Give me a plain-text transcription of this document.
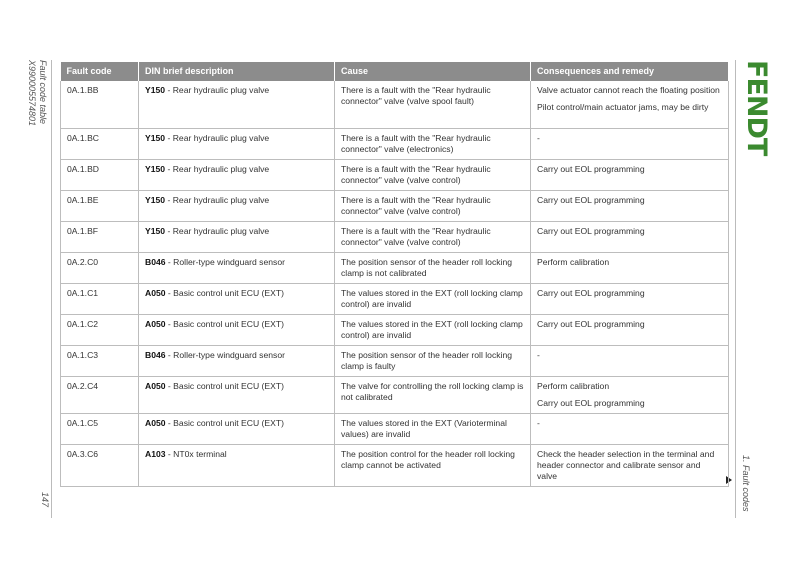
Fault code table
X990005574801
147
FENDT
1. Fault codes
Fault code	DIN brief description	Cause	Consequences and remedy
0A.1.BB	Y150 - Rear hydraulic plug valve	There is a fault with the "Rear hydraulic connector" valve (valve spool fault)	Valve actuator cannot reach the floating position
Pilot control/main actuator jams, may be dirty

0A.1.BC	Y150 - Rear hydraulic plug valve	There is a fault with the "Rear hydraulic connector" valve (electronics)	-

0A.1.BD	Y150 - Rear hydraulic plug valve	There is a fault with the "Rear hydraulic connector" valve (valve control)	Carry out EOL programming

0A.1.BE	Y150 - Rear hydraulic plug valve	There is a fault with the "Rear hydraulic connector" valve (valve control)	Carry out EOL programming

0A.1.BF	Y150 - Rear hydraulic plug valve	There is a fault with the "Rear hydraulic connector" valve (valve control)	Carry out EOL programming

0A.2.C0	B046 - Roller-type windguard sensor	The position sensor of the header roll locking clamp is not calibrated	Perform calibration

0A.1.C1	A050 - Basic control unit ECU (EXT)	The values stored in the EXT (roll locking clamp control) are invalid	Carry out EOL programming

0A.1.C2	A050 - Basic control unit ECU (EXT)	The values stored in the EXT (roll locking clamp control) are invalid	Carry out EOL programming

0A.1.C3	B046 - Roller-type windguard sensor	The position sensor of the header roll locking clamp is faulty	-

0A.2.C4	A050 - Basic control unit ECU (EXT)	The valve for controlling the roll locking clamp is not calibrated	Perform calibration
Carry out EOL programming

0A.1.C5	A050 - Basic control unit ECU (EXT)	The values stored in the EXT (Varioterminal values) are invalid	-

0A.3.C6	A103 - NT0x terminal	The position control for the header roll locking clamp cannot be activated	Check the header selection in the terminal and header connector and calibrate sensor and valve
